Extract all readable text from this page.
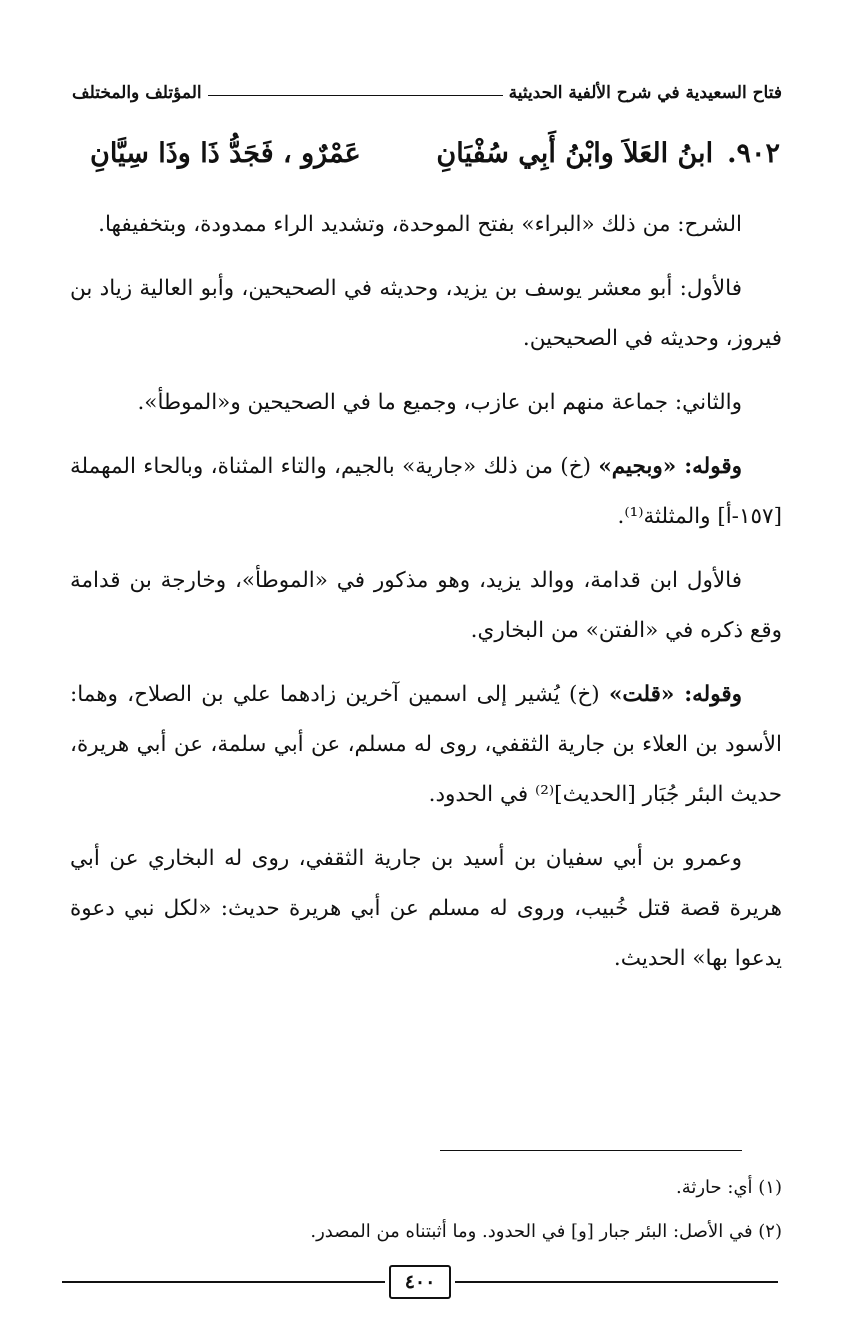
فتاح السعيدية في شرح الألفية الحديثية
المؤتلف والمختلف
٩٠٢.
ابنُ العَلاَ وابْنُ أَبِي سُفْيَانِ
عَمْرٌو ، فَجَدُّ ذَا وذَا سِيَّانِ

الشرح: من ذلك «البراء» بفتح الموحدة، وتشديد الراء ممدودة، وبتخفيفها.

فالأول: أبو معشر يوسف بن يزيد، وحديثه في الصحيحين، وأبو العالية زياد بن فيروز، وحديثه في الصحيحين.

والثاني: جماعة منهم ابن عازب، وجميع ما في الصحيحين و«الموطأ».

وقوله: «وبجيم» (خ) من ذلك «جارية» بالجيم، والتاء المثناة، وبالحاء المهملة [١٥٧-أ] والمثلثة⁽¹⁾.

فالأول ابن قدامة، ووالد يزيد، وهو مذكور في «الموطأ»، وخارجة بن قدامة وقع ذكره في «الفتن» من البخاري.

وقوله: «قلت» (خ) يُشير إلى اسمين آخرين زادهما علي بن الصلاح، وهما: الأسود بن العلاء بن جارية الثقفي، روى له مسلم، عن أبي سلمة، عن أبي هريرة، حديث البئر جُبَار [الحديث]⁽²⁾ في الحدود.

وعمرو بن أبي سفيان بن أسيد بن جارية الثقفي، روى له البخاري عن أبي هريرة قصة قتل خُبيب، وروى له مسلم عن أبي هريرة حديث: «لكل نبي دعوة يدعوا بها» الحديث.

(١) أي: حارثة.
(٢) في الأصل: البئر جبار [و] في الحدود. وما أثبتناه من المصدر.
٤٠٠
